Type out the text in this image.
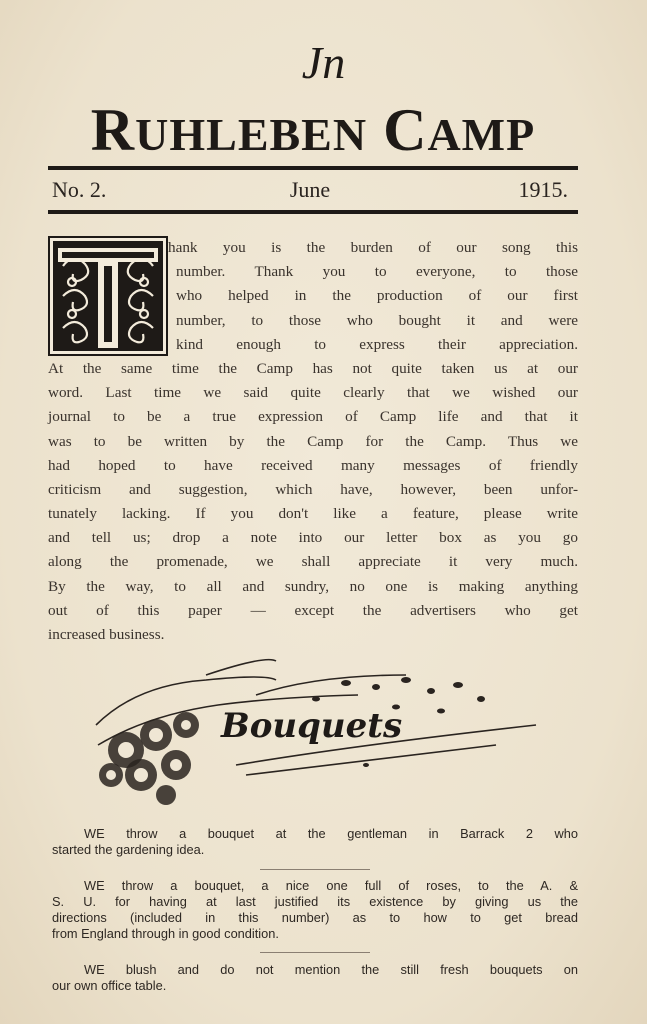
Jn
RUHLEBEN CAMP
No. 2.	June	1915.
hank you is the burden of our song this
number. Thank you to everyone, to those
who helped in the production of our first
number, to those who bought it and were
kind enough to express their appreciation.
At the same time the Camp has not quite taken us at our
word. Last time we said quite clearly that we wished our
journal to be a true expression of Camp life and that it
was to be written by the Camp for the Camp. Thus we
had hoped to have received many messages of friendly
criticism and suggestion, which have, however, been unfor-
tunately lacking. If you don't like a feature, please write
and tell us; drop a note into our letter box as you go
along the promenade, we shall appreciate it very much.
By the way, to all and sundry, no one is making anything
out of this paper — except the advertisers who get
increased business.
Bouquets
WE throw a bouquet at the gentleman in Barrack 2 who
started the gardening idea.
WE throw a bouquet, a nice one full of roses, to the A. &
S. U. for having at last justified its existence by giving us the
directions (included in this number) as to how to get bread
from England through in good condition.
WE blush and do not mention the still fresh bouquets on
our own office table.
